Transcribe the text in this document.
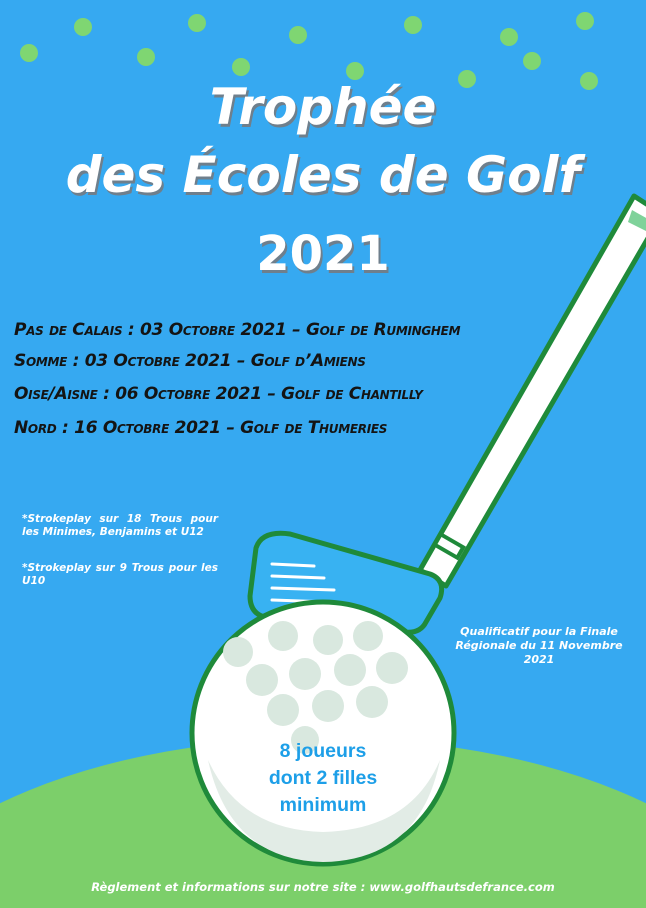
Trophée
des Écoles de Golf
2021

Pas de Calais : 03 Octobre 2021 – Golf de Ruminghem

Somme : 03 Octobre 2021 – Golf d’Amiens

Oise/Aisne : 06 Octobre 2021 – Golf de Chantilly

Nord : 16 Octobre 2021 – Golf de Thumeries

*Strokeplay sur 18 Trous pour les Minimes, Benjamins et U12

*Strokeplay sur 9 Trous pour les U10

Qualificatif pour la Finale Régionale du 11 Novembre 2021

8 joueurs
dont 2 filles
minimum

Règlement et informations sur notre site : www.golfhautsdefrance.com
